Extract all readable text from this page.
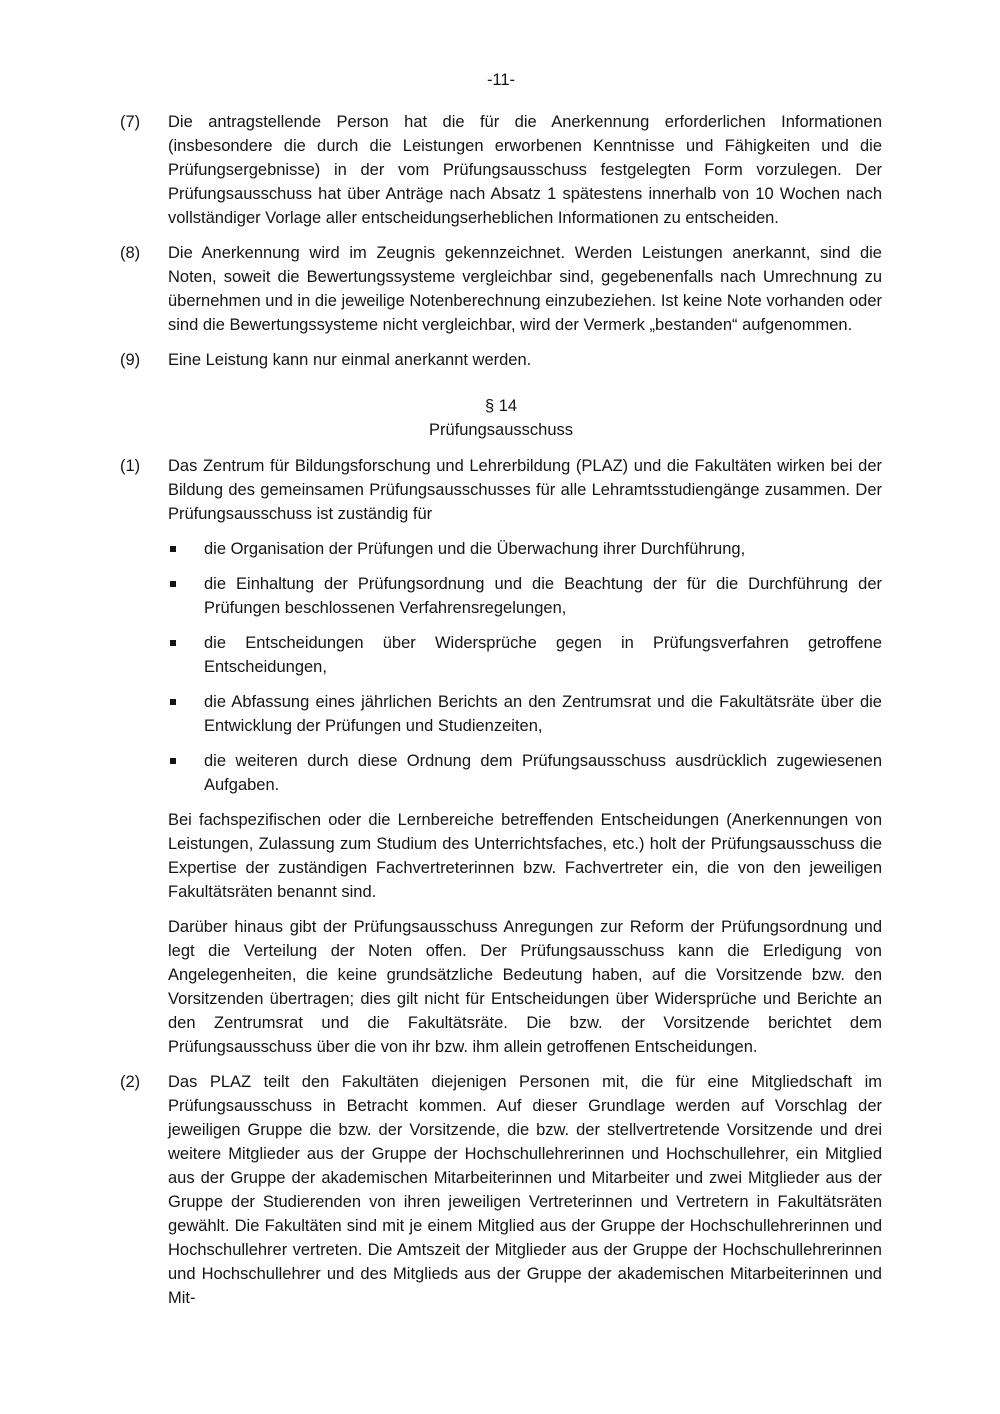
-11-
(7)	Die antragstellende Person hat die für die Anerkennung erforderlichen Informationen (insbesondere die durch die Leistungen erworbenen Kenntnisse und Fähigkeiten und die Prüfungsergebnisse) in der vom Prüfungsausschuss festgelegten Form vorzulegen. Der Prüfungsausschuss hat über Anträge nach Absatz 1 spätestens innerhalb von 10 Wochen nach vollständiger Vorlage aller entscheidungserheblichen Informationen zu entscheiden.
(8)	Die Anerkennung wird im Zeugnis gekennzeichnet. Werden Leistungen anerkannt, sind die Noten, soweit die Bewertungssysteme vergleichbar sind, gegebenenfalls nach Umrechnung zu übernehmen und in die jeweilige Notenberechnung einzubeziehen. Ist keine Note vorhanden oder sind die Bewertungssysteme nicht vergleichbar, wird der Vermerk „bestanden“ aufgenommen.
(9)	Eine Leistung kann nur einmal anerkannt werden.
§ 14
Prüfungsausschuss
(1)	Das Zentrum für Bildungsforschung und Lehrerbildung (PLAZ) und die Fakultäten wirken bei der Bildung des gemeinsamen Prüfungsausschusses für alle Lehramtsstudiengänge zusammen. Der Prüfungsausschuss ist zuständig für
die Organisation der Prüfungen und die Überwachung ihrer Durchführung,
die Einhaltung der Prüfungsordnung und die Beachtung der für die Durchführung der Prüfungen beschlossenen Verfahrensregelungen,
die Entscheidungen über Widersprüche gegen in Prüfungsverfahren getroffene Entscheidungen,
die Abfassung eines jährlichen Berichts an den Zentrumsrat und die Fakultätsräte über die Entwicklung der Prüfungen und Studienzeiten,
die weiteren durch diese Ordnung dem Prüfungsausschuss ausdrücklich zugewiesenen Aufgaben.
Bei fachspezifischen oder die Lernbereiche betreffenden Entscheidungen (Anerkennungen von Leistungen, Zulassung zum Studium des Unterrichtsfaches, etc.) holt der Prüfungsausschuss die Expertise der zuständigen Fachvertreterinnen bzw. Fachvertreter ein, die von den jeweiligen Fakultätsräten benannt sind.
Darüber hinaus gibt der Prüfungsausschuss Anregungen zur Reform der Prüfungsordnung und legt die Verteilung der Noten offen. Der Prüfungsausschuss kann die Erledigung von Angelegenheiten, die keine grundsätzliche Bedeutung haben, auf die Vorsitzende bzw. den Vorsitzenden übertragen; dies gilt nicht für Entscheidungen über Widersprüche und Berichte an den Zentrumsrat und die Fakultätsräte. Die bzw. der Vorsitzende berichtet dem Prüfungsausschuss über die von ihr bzw. ihm allein getroffenen Entscheidungen.
(2)	Das PLAZ teilt den Fakultäten diejenigen Personen mit, die für eine Mitgliedschaft im Prüfungsausschuss in Betracht kommen. Auf dieser Grundlage werden auf Vorschlag der jeweiligen Gruppe die bzw. der Vorsitzende, die bzw. der stellvertretende Vorsitzende und drei weitere Mitglieder aus der Gruppe der Hochschullehrerinnen und Hochschullehrer, ein Mitglied aus der Gruppe der akademischen Mitarbeiterinnen und Mitarbeiter und zwei Mitglieder aus der Gruppe der Studierenden von ihren jeweiligen Vertreterinnen und Vertretern in Fakultätsräten gewählt. Die Fakultäten sind mit je einem Mitglied aus der Gruppe der Hochschullehrerinnen und Hochschullehrer vertreten. Die Amtszeit der Mitglieder aus der Gruppe der Hochschullehrerinnen und Hochschullehrer und des Mitglieds aus der Gruppe der akademischen Mitarbeiterinnen und Mit-
